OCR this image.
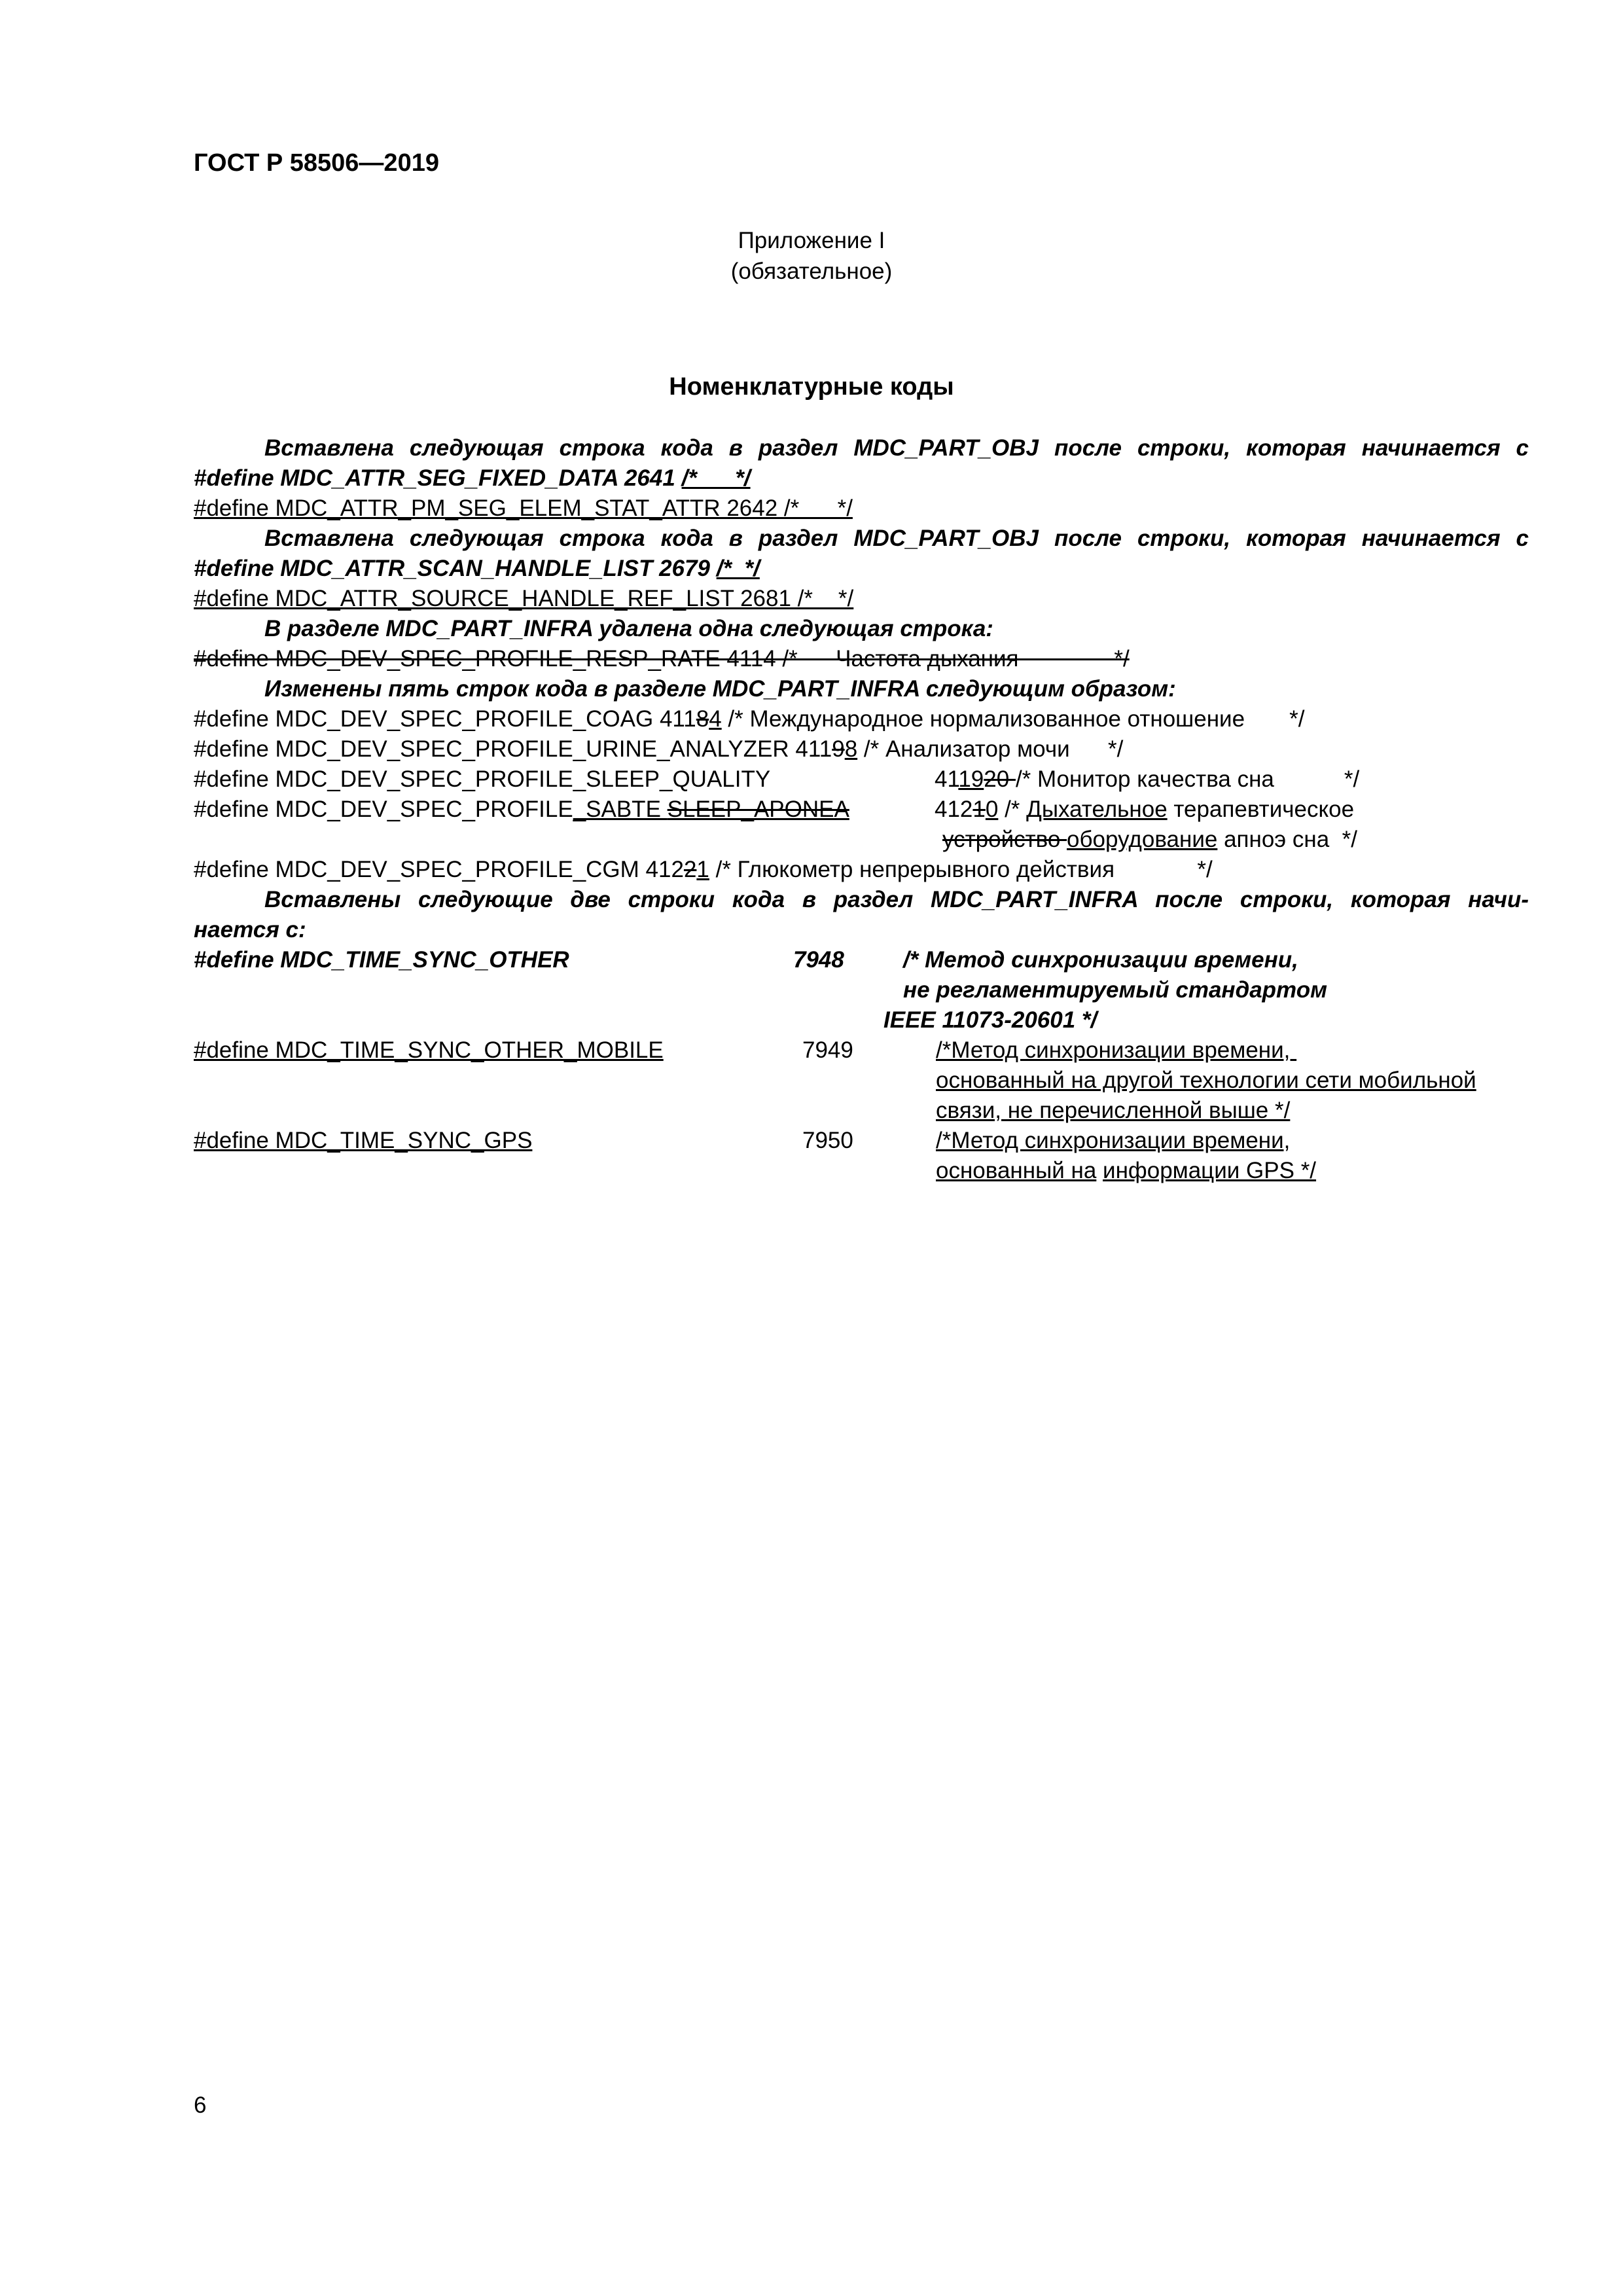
ГОСТ Р 58506—2019
Приложение I
(обязательное)
Номенклатурные коды
Вставлена следующая строка кода в раздел MDC_PART_OBJ после строки, которая начинается с
#define MDC_ATTR_SEG_FIXED_DATA 2641 /*      */
#define MDC_ATTR_PM_SEG_ELEM_STAT_ATTR 2642 /*      */
Вставлена следующая строка кода в раздел MDC_PART_OBJ после строки, которая начинается с
#define MDC_ATTR_SCAN_HANDLE_LIST 2679 /*  */
#define MDC_ATTR_SOURCE_HANDLE_REF_LIST 2681 /*    */
В разделе MDC_PART_INFRA удалена одна следующая строка:
#define MDC_DEV_SPEC_PROFILE_RESP_RATE 4114 /*      Частота дыхания               */
Изменены пять строк кода в разделе MDC_PART_INFRA следующим образом:
#define MDC_DEV_SPEC_PROFILE_COAG 41184 /* Международное нормализованное отношение       */
#define MDC_DEV_SPEC_PROFILE_URINE_ANALYZER 41198 /* Анализатор мочи      */
#define MDC_DEV_SPEC_PROFILE_SLEEP_QUALITY	411920 /* Монитор качества сна           */
#define MDC_DEV_SPEC_PROFILE_SABTE SLEEP_APONEA	41210 /* Дыхательное терапевтическое
устройство оборудование апноэ сна  */
#define MDC_DEV_SPEC_PROFILE_CGM 41221 /* Глюкометр непрерывного действия             */
Вставлены следующие две строки кода в раздел MDC_PART_INFRA после строки, которая начи-
нается с:
#define MDC_TIME_SYNC_OTHER	7948	/* Метод синхронизации времени,
не регламентируемый стандартом
IEEE 11073-20601 */
#define MDC_TIME_SYNC_OTHER_MOBILE	7949	/*Метод синхронизации времени,
основанный на другой технологии сети мобильной
связи, не перечисленной выше */
#define MDC_TIME_SYNC_GPS	7950	/*Метод синхронизации времени,
основанный на информации GPS */
6
